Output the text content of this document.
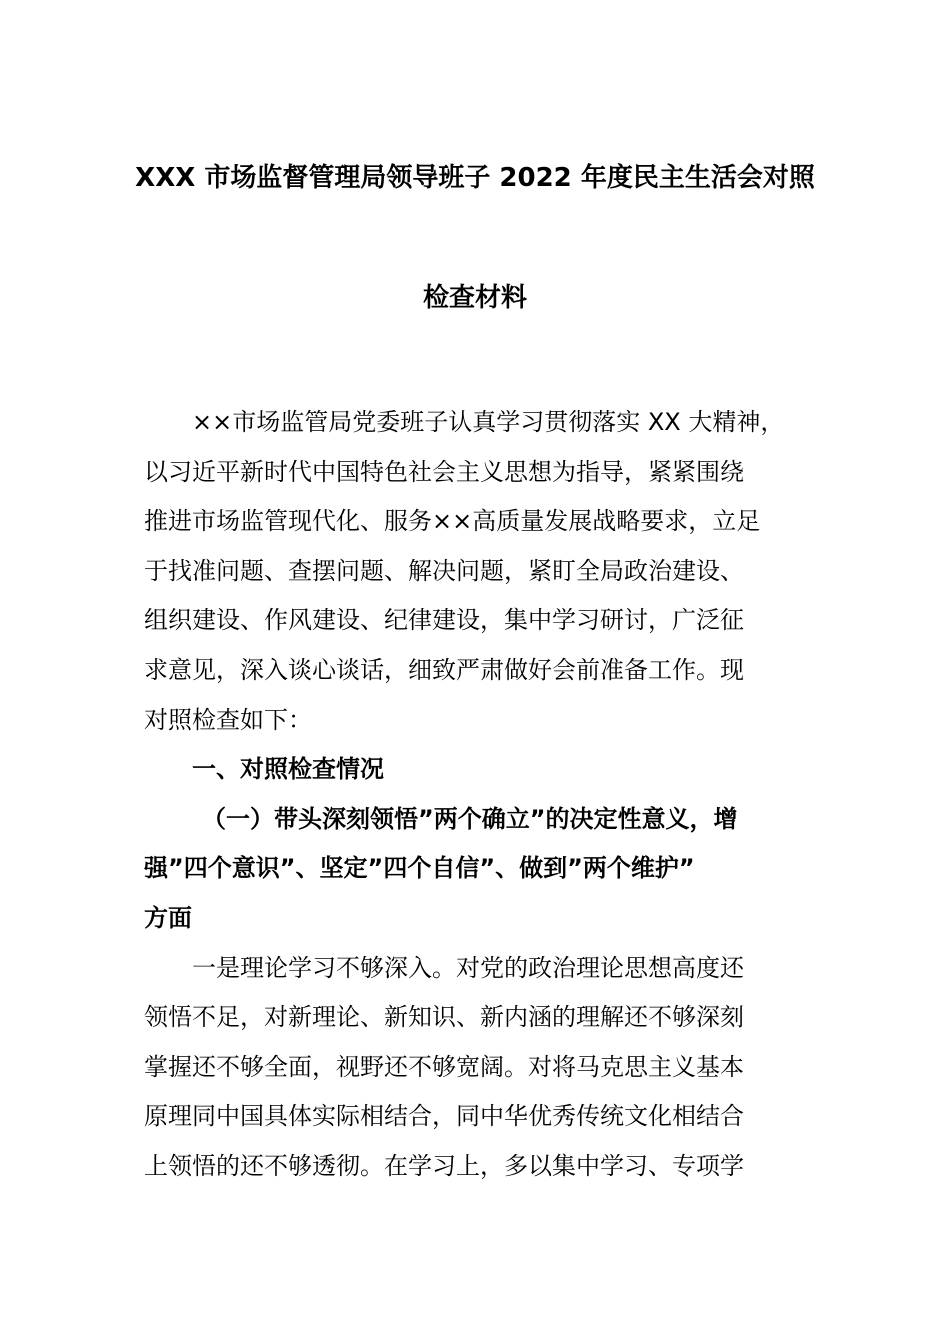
XXX 市场监督管理局领导班子 2022 年度民主生活会对照
检查材料
××市场监管局党委班子认真学习贯彻落实 XX 大精神，
以习近平新时代中国特色社会主义思想为指导，紧紧围绕
推进市场监管现代化、服务××高质量发展战略要求，立足
于找准问题、查摆问题、解决问题，紧盯全局政治建设、
组织建设、作风建设、纪律建设，集中学习研讨，广泛征
求意见，深入谈心谈话，细致严肃做好会前准备工作。现
对照检查如下：
一、对照检查情况
（一）带头深刻领悟”两个确立”的决定性意义，增
强”四个意识”、坚定”四个自信”、做到”两个维护”
方面
一是理论学习不够深入。对党的政治理论思想高度还
领悟不足，对新理论、新知识、新内涵的理解还不够深刻
掌握还不够全面，视野还不够宽阔。对将马克思主义基本
原理同中国具体实际相结合，同中华优秀传统文化相结合
上领悟的还不够透彻。在学习上，多以集中学习、专项学
